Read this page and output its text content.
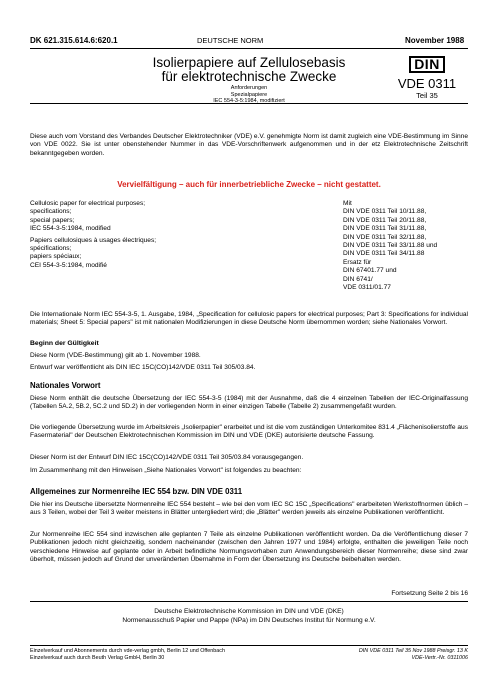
DK 621.315.614.6:620.1	DEUTSCHE NORM	November 1988
Isolierpapiere auf Zellulosebasis
für elektrotechnische Zwecke
Anforderungen
Spezialpapiere
IEC 554-3-5:1984, modifiziert
DIN
VDE 0311
Teil 35
Diese auch vom Vorstand des Verbandes Deutscher Elektrotechniker (VDE) e.V. genehmigte Norm ist damit zugleich eine VDE-Bestimmung im Sinne von VDE 0022. Sie ist unter obenstehender Nummer in das VDE-Vorschriftenwerk aufgenommen und in der etz Elektrotechnische Zeitschrift bekanntgegeben worden.
Vervielfältigung – auch für innerbetriebliche Zwecke – nicht gestattet.
Cellulosic paper for electrical purposes;
specifications;
special papers;
IEC 554-3-5:1984, modified
Papiers cellulosiques à usages électriques;
spécifications;
papiers spéciaux;
CEI 554-3-5:1984, modifié
Mit
DIN VDE 0311 Teil 10/11.88,
DIN VDE 0311 Teil 20/11.88,
DIN VDE 0311 Teil 31/11.88,
DIN VDE 0311 Teil 32/11.88,
DIN VDE 0311 Teil 33/11.88 und
DIN VDE 0311 Teil 34/11.88
Ersatz für
DIN 67401.77 und
DIN 6741/
VDE 0311/01.77
Die Internationale Norm IEC 554-3-5, 1. Ausgabe, 1984, „Specification for cellulosic papers for electrical purposes; Part 3: Specifications for individual materials; Sheet 5: Special papers" ist mit nationalen Modifizierungen in diese Deutsche Norm übernommen worden; siehe Nationales Vorwort.
Beginn der Gültigkeit
Diese Norm (VDE-Bestimmung) gilt ab 1. November 1988.
Entwurf war veröffentlicht als DIN IEC 15C(CO)142/VDE 0311 Teil 305/03.84.
Nationales Vorwort
Diese Norm enthält die deutsche Übersetzung der IEC 554-3-5 (1984) mit der Ausnahme, daß die 4 einzelnen Tabellen der IEC-Originalfassung (Tabellen 5A.2, 5B.2, 5C.2 und 5D.2) in der vorliegenden Norm in einer einzigen Tabelle (Tabelle 2) zusammengefaßt wurden.
Die vorliegende Übersetzung wurde im Arbeitskreis „Isolierpapier" erarbeitet und ist die vom zuständigen Unterkomitee 831.4 „Flächenisolierstoffe aus Fasermaterial" der Deutschen Elektrotechnischen Kommission im DIN und VDE (DKE) autorisierte deutsche Fassung.
Dieser Norm ist der Entwurf DIN IEC 15C(CO)142/VDE 0311 Teil 305/03.84 vorausgegangen.
Im Zusammenhang mit den Hinweisen „Siehe Nationales Vorwort" ist folgendes zu beachten:
Allgemeines zur Normenreihe IEC 554 bzw. DIN VDE 0311
Die hier ins Deutsche übersetzte Normenreihe IEC 554 besteht – wie bei den vom IEC SC 15C „Specifications" erarbeiteten Werkstoffnormen üblich – aus 3 Teilen, wobei der Teil 3 weiter meistens in Blätter untergliedert wird; die „Blätter" werden jeweils als einzelne Publikationen veröffentlicht.
Zur Normenreihe IEC 554 sind inzwischen alle geplanten 7 Teile als einzelne Publikationen veröffentlicht worden. Da die Veröffentlichung dieser 7 Publikationen jedoch nicht gleichzeitig, sondern nacheinander (zwischen den Jahren 1977 und 1984) erfolgte, enthalten die jeweiligen Teile noch verschiedene Hinweise auf geplante oder in Arbeit befindliche Normungsvorhaben zum Anwendungsbereich dieser Normenreihe; diese sind zwar überholt, müssen jedoch auf Grund der unveränderten Übernahme in Form der Übersetzung ins Deutsche beibehalten werden.
Fortsetzung Seite 2 bis 16
Deutsche Elektrotechnische Kommission im DIN und VDE (DKE)
Normenausschuß Papier und Pappe (NPa) im DIN Deutsches Institut für Normung e.V.
Einzelverkauf und Abonnements durch vde-verlag gmbh, Berlin 12 und Offenbach
Einzelverkauf auch durch Beuth Verlag GmbH, Berlin 30
DIN VDE 0311 Teil 35 Nov 1988 Preisgr. 13 K
VDE-Vertr.-Nr. 0311006
